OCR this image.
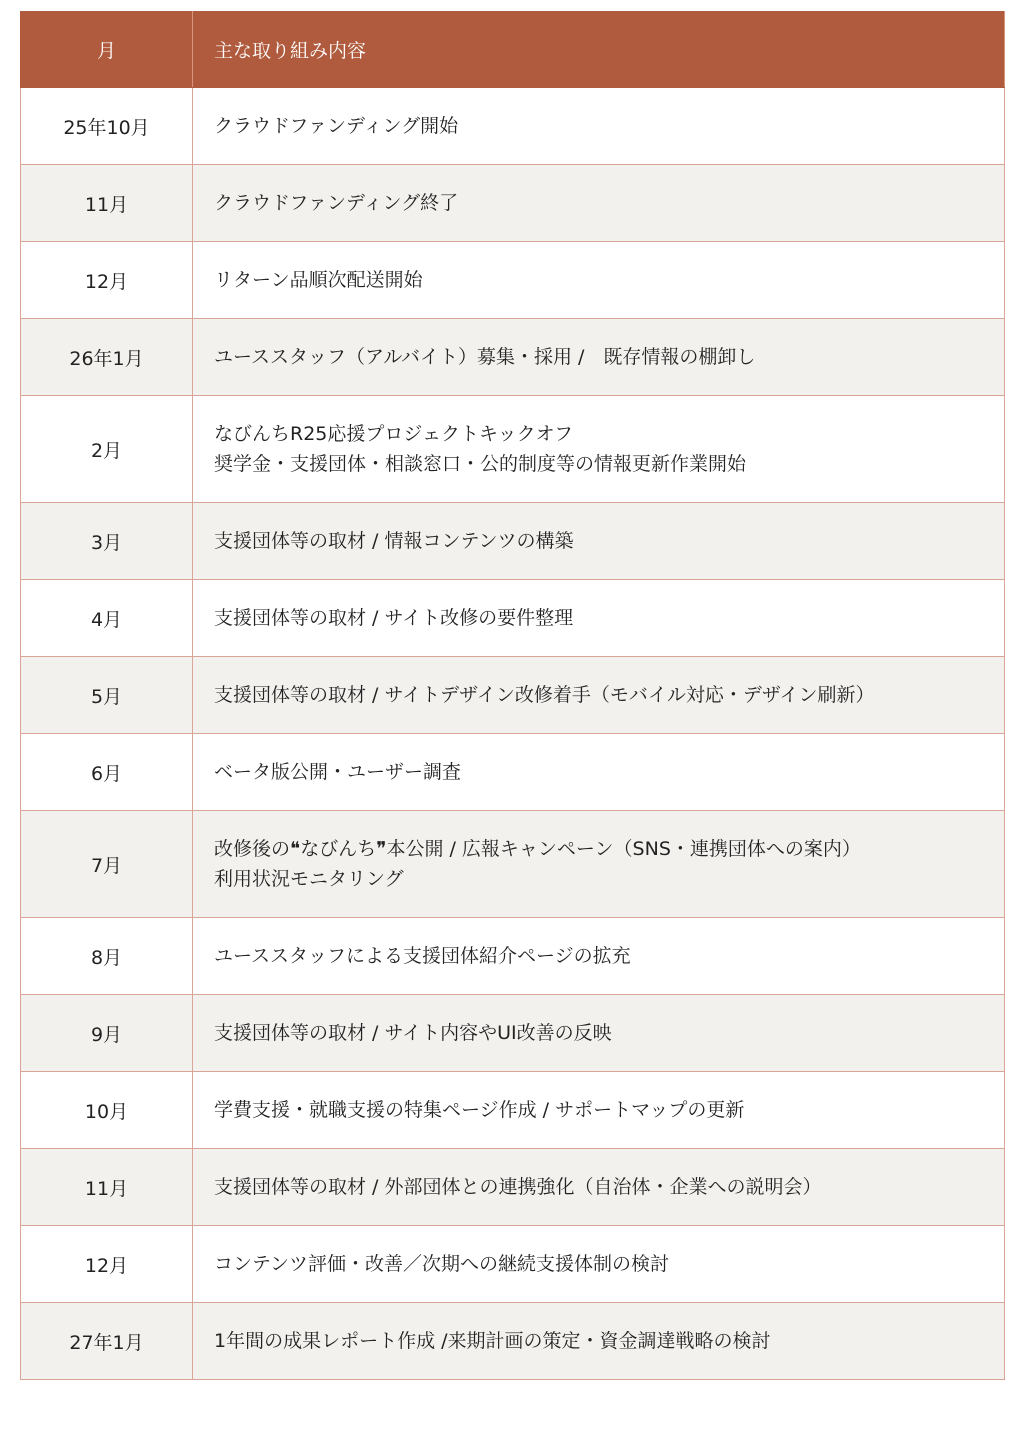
月	主な取り組み内容
25年10月	クラウドファンディング開始

11月	クラウドファンディング終了

12月	リターン品順次配送開始

26年1月	ユーススタッフ（アルバイト）募集・採用 /　既存情報の棚卸し

2月	なびんちR25応援プロジェクトキックオフ
奨学金・支援団体・相談窓口・公的制度等の情報更新作業開始

3月	支援団体等の取材 / 情報コンテンツの構築

4月	支援団体等の取材 / サイト改修の要件整理

5月	支援団体等の取材 / サイトデザイン改修着手（モバイル対応・デザイン刷新）

6月	ベータ版公開・ユーザー調査

7月	改修後の❝なびんち❞本公開 / 広報キャンペーン（SNS・連携団体への案内）
利用状況モニタリング

8月	ユーススタッフによる支援団体紹介ページの拡充

9月	支援団体等の取材 / サイト内容やUI改善の反映

10月	学費支援・就職支援の特集ページ作成 / サポートマップの更新

11月	支援団体等の取材 / 外部団体との連携強化（自治体・企業への説明会）

12月	コンテンツ評価・改善／次期への継続支援体制の検討

27年1月	1年間の成果レポート作成 /来期計画の策定・資金調達戦略の検討
